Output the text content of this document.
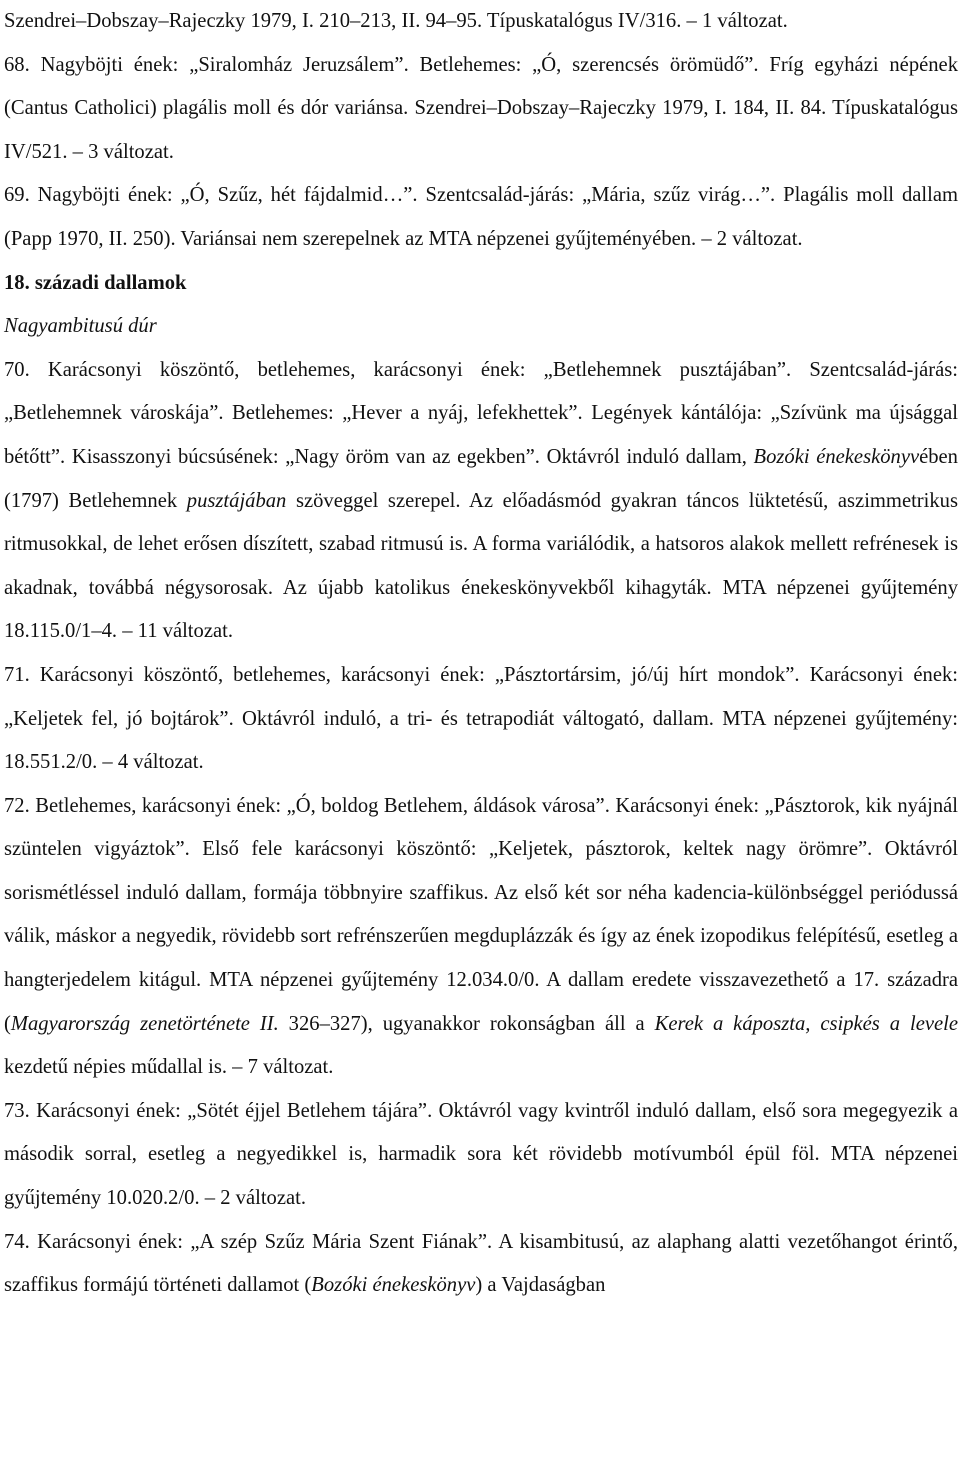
Szendrei–Dobszay–Rajeczky 1979, I. 210–213, II. 94–95. Típuskatalógus IV/316. – 1 változat.

68. Nagyböjti ének: „Siralomház Jeruzsálem”. Betlehemes: „Ó, szerencsés örömüdő”. Fríg egyházi népének (Cantus Catholici) plagális moll és dór variánsa. Szendrei–Dobszay–Rajeczky 1979, I. 184, II. 84. Típuskatalógus IV/521. – 3 változat.

69. Nagyböjti ének: „Ó, Szűz, hét fájdalmid…”. Szentcsalád-járás: „Mária, szűz virág…”. Plagális moll dallam (Papp 1970, II. 250). Variánsai nem szerepelnek az MTA népzenei gyűjteményében. – 2 változat.

18. századi dallamok

Nagyambitusú dúr

70. Karácsonyi köszöntő, betlehemes, karácsonyi ének: „Betlehemnek pusztájában”. Szentcsalád-járás: „Betlehemnek városkája”. Betlehemes: „Hever a nyáj, lefekhettek”. Legények kántálója: „Szívünk ma újsággal bétőtt”. Kisasszonyi búcsúsének: „Nagy öröm van az egekben”. Oktávról induló dallam, Bozóki énekeskönyvében (1797) Betlehemnek pusztájában szöveggel szerepel. Az előadásmód gyakran táncos lüktetésű, aszimmetrikus ritmusokkal, de lehet erősen díszített, szabad ritmusú is. A forma variálódik, a hatsoros alakok mellett refrénesek is akadnak, továbbá négysorosak. Az újabb katolikus énekeskönyvekből kihagyták. MTA népzenei gyűjtemény 18.115.0/1–4. – 11 változat.

71. Karácsonyi köszöntő, betlehemes, karácsonyi ének: „Pásztortársim, jó/új hírt mondok”. Karácsonyi ének: „Keljetek fel, jó bojtárok”. Oktávról induló, a tri- és tetrapodiát váltogató, dallam. MTA népzenei gyűjtemény: 18.551.2/0. – 4 változat.

72. Betlehemes, karácsonyi ének: „Ó, boldog Betlehem, áldások városa”. Karácsonyi ének: „Pásztorok, kik nyájnál szüntelen vigyáztok”. Első fele karácsonyi köszöntő: „Keljetek, pásztorok, keltek nagy örömre”. Oktávról sorismétléssel induló dallam, formája többnyire szaffikus. Az első két sor néha kadencia-különbséggel periódussá válik, máskor a negyedik, rövidebb sort refrénszerűen megduplázzák és így az ének izopodikus felépítésű, esetleg a hangterjedelem kitágul. MTA népzenei gyűjtemény 12.034.0/0. A dallam eredete visszavezethető a 17. századra (Magyarország zenetörténete II. 326–327), ugyanakkor rokonságban áll a Kerek a káposzta, csipkés a levele kezdetű népies műdallal is. – 7 változat.

73. Karácsonyi ének: „Sötét éjjel Betlehem tájára”. Oktávról vagy kvintről induló dallam, első sora megegyezik a második sorral, esetleg a negyedikkel is, harmadik sora két rövidebb motívumból épül föl. MTA népzenei gyűjtemény 10.020.2/0. – 2 változat.

74. Karácsonyi ének: „A szép Szűz Mária Szent Fiának”. A kisambitusú, az alaphang alatti vezetőhangot érintő, szaffikus formájú történeti dallamot (Bozóki énekeskönyv) a Vajdaságban
